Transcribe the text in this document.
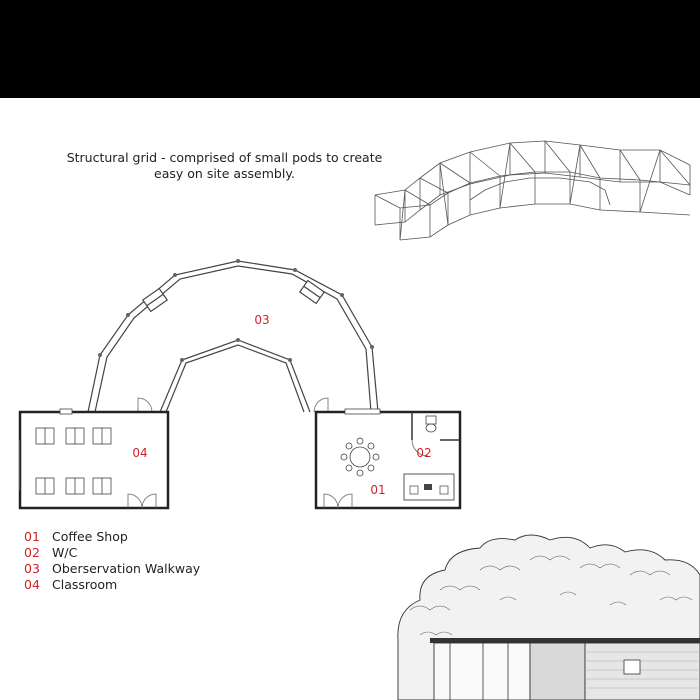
Structural grid - comprised of small pods to create
easy on site assembly.
03
04	02
01
01 Coffee Shop
02 W/C
03 Oberservation Walkway
04 Classroom
